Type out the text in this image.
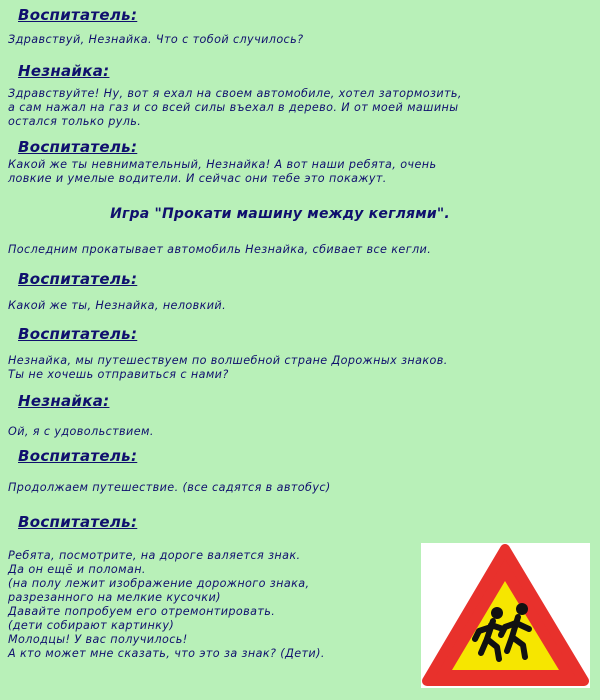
Воспитатель:
Здравствуй, Незнайка. Что с тобой случилось?
Незнайка:
Здравствуйте! Ну, вот я ехал на своем автомобиле, хотел затормозить,
а сам нажал на газ и со всей силы въехал в дерево. И от моей машины
остался только руль.
Воспитатель:
Какой же ты невнимательный, Незнайка! А вот наши ребята, очень
ловкие и умелые водители. И сейчас они тебе это покажут.
Игра "Прокати машину между кеглями".
Последним прокатывает автомобиль Незнайка, сбивает все кегли.
Воспитатель:
Какой же ты, Незнайка, неловкий.
Воспитатель:
Незнайка, мы путешествуем по волшебной стране Дорожных знаков.
Ты не хочешь отправиться с нами?
Незнайка:
Ой, я с удовольствием.
Воспитатель:
Продолжаем путешествие. (все садятся в автобус)
Воспитатель:
Ребята, посмотрите, на дороге валяется знак.
Да он ещё и поломан.
(на полу лежит изображение дорожного знака,
разрезанного на мелкие кусочки)
Давайте попробуем его отремонтировать.
(дети собирают картинку)
Молодцы! У вас получилось!
А кто может мне сказать, что это за знак? (Дети).
